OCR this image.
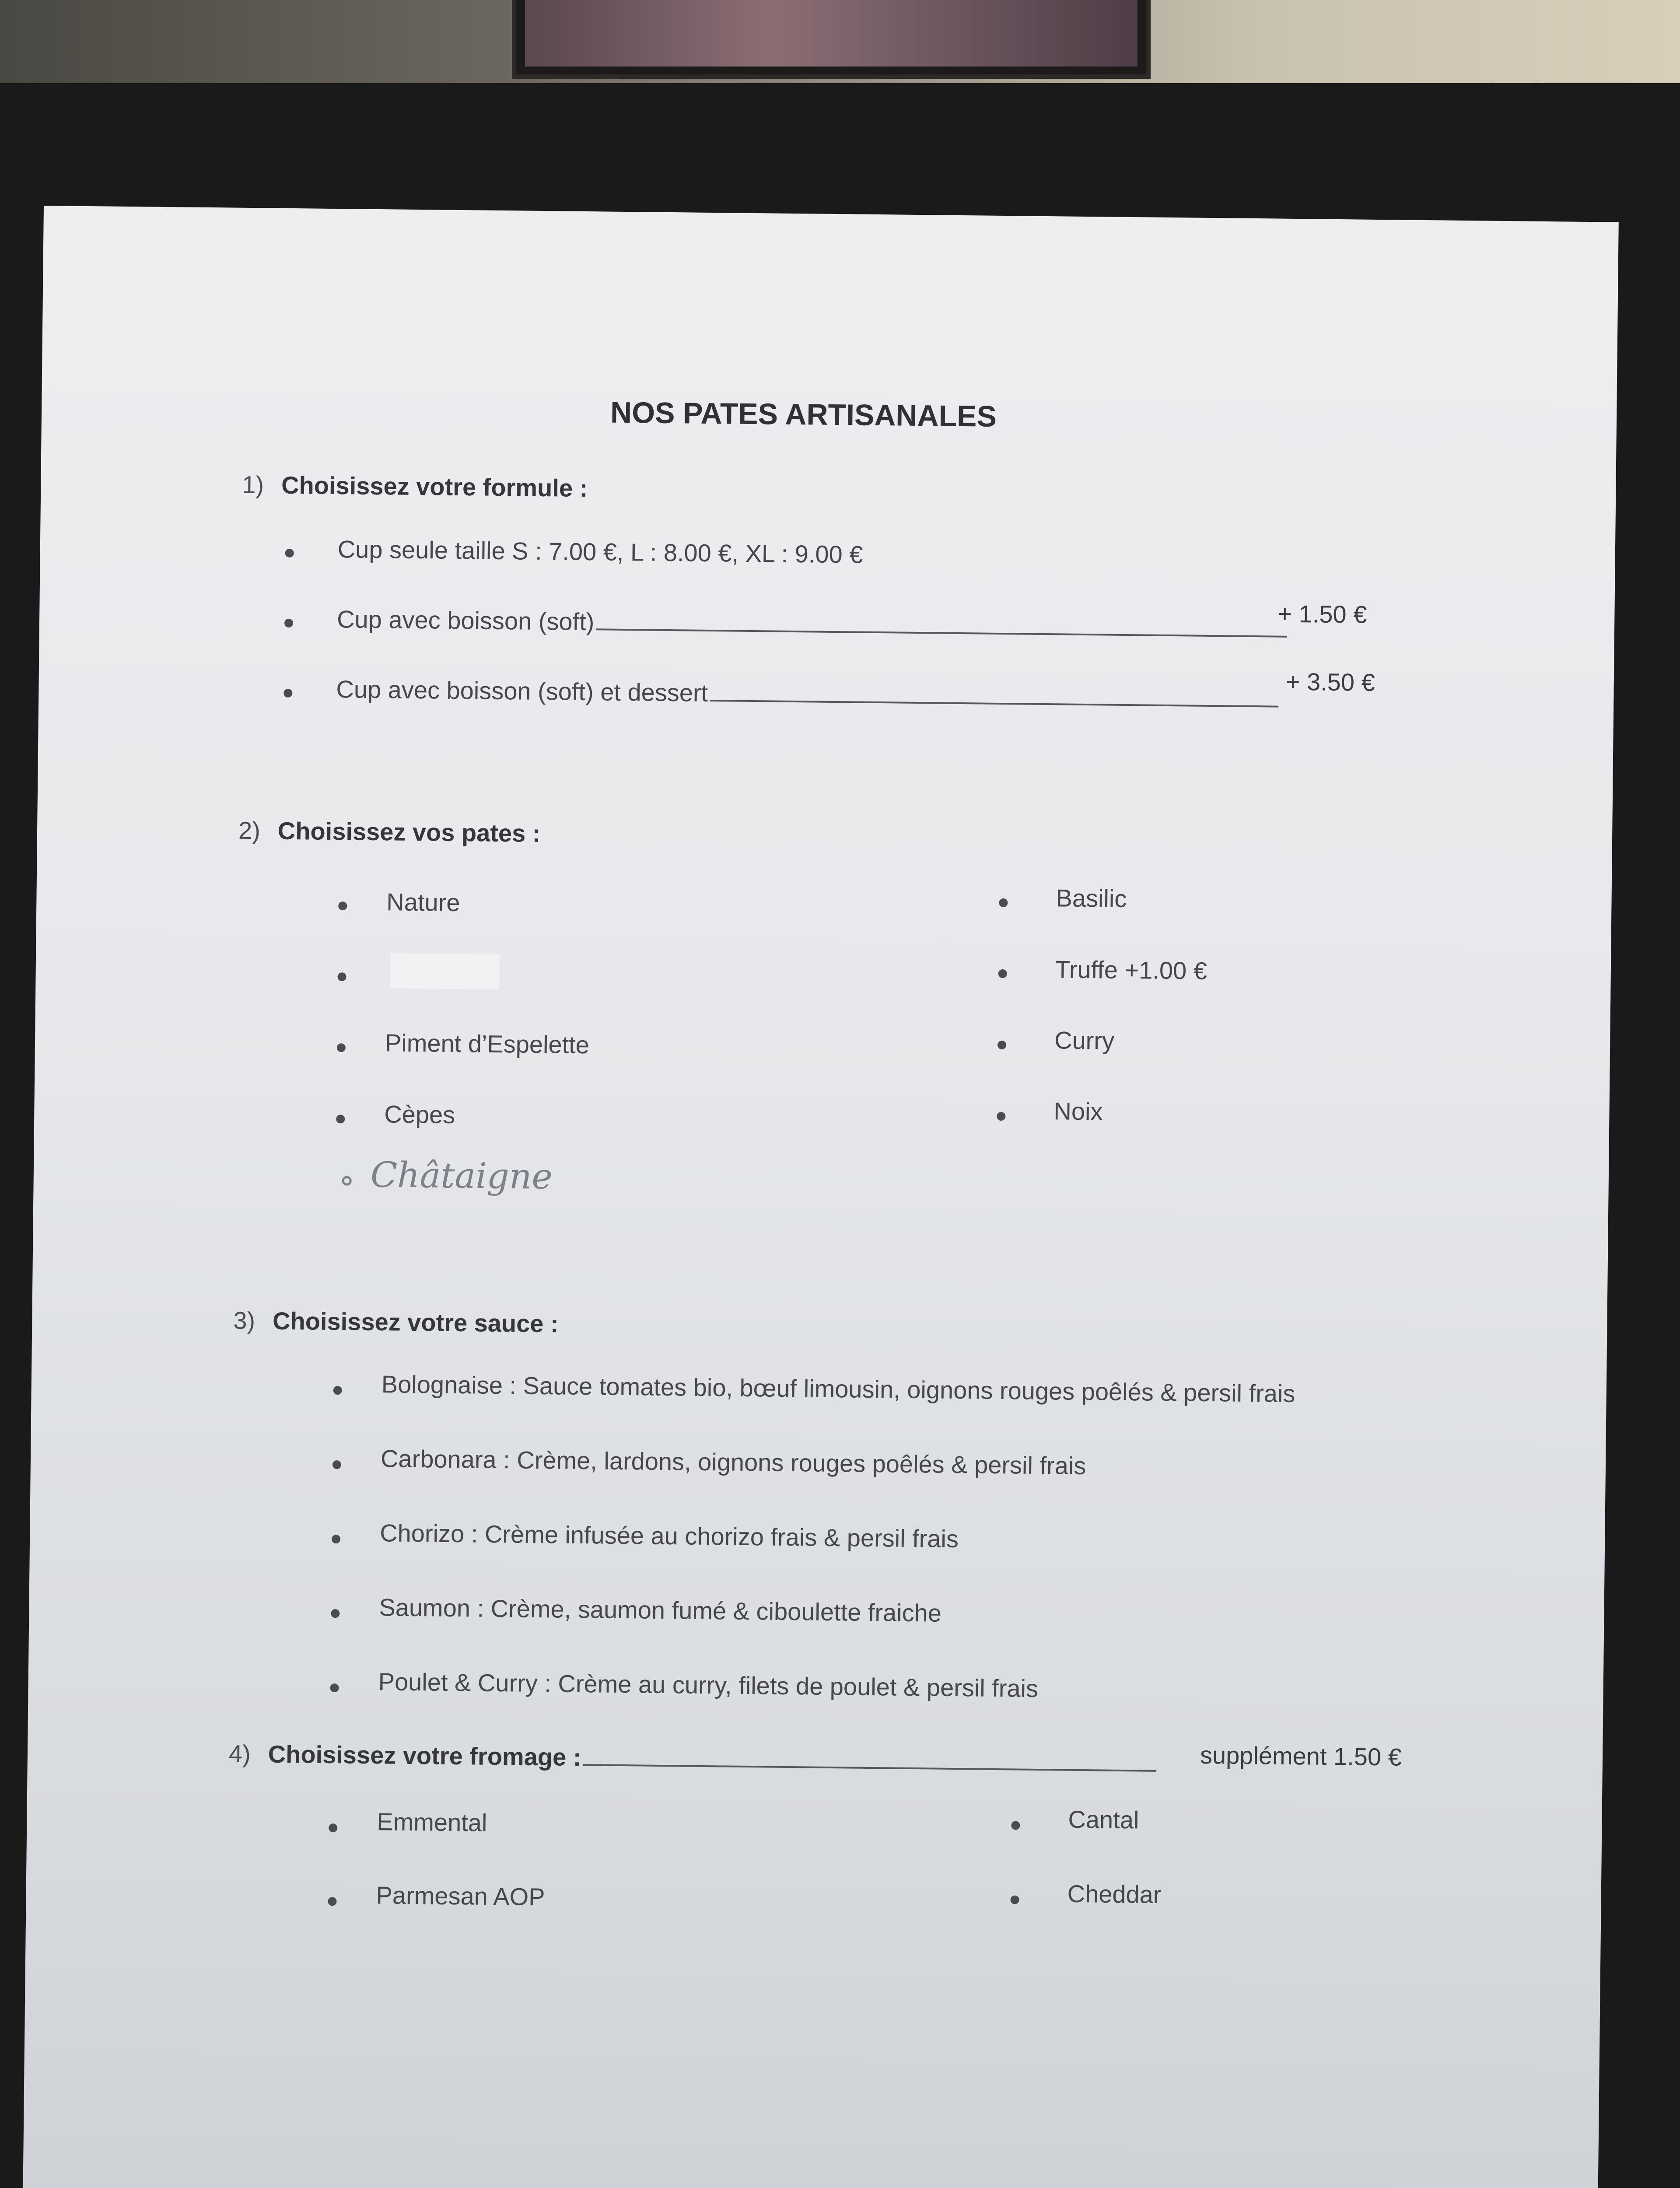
NOS PATES ARTISANALES
1) Choisissez votre formule :
Cup seule taille S : 7.00 €, L : 8.00 €, XL : 9.00 €
Cup avec boisson (soft)	+ 1.50 €
Cup avec boisson (soft) et dessert	+ 3.50 €
2) Choisissez vos pates :
Nature
Piment d’Espelette
Cèpes
Châtaigne
Basilic
Truffe +1.00 €
Curry
Noix
3) Choisissez votre sauce :
Bolognaise : Sauce tomates bio, bœuf limousin, oignons rouges poêlés & persil frais
Carbonara : Crème, lardons, oignons rouges poêlés & persil frais
Chorizo : Crème infusée au chorizo frais & persil frais
Saumon : Crème, saumon fumé & ciboulette fraiche
Poulet & Curry : Crème au curry, filets de poulet & persil frais
4) Choisissez votre fromage :	supplément 1.50 €
Emmental
Parmesan AOP
Cantal
Cheddar
